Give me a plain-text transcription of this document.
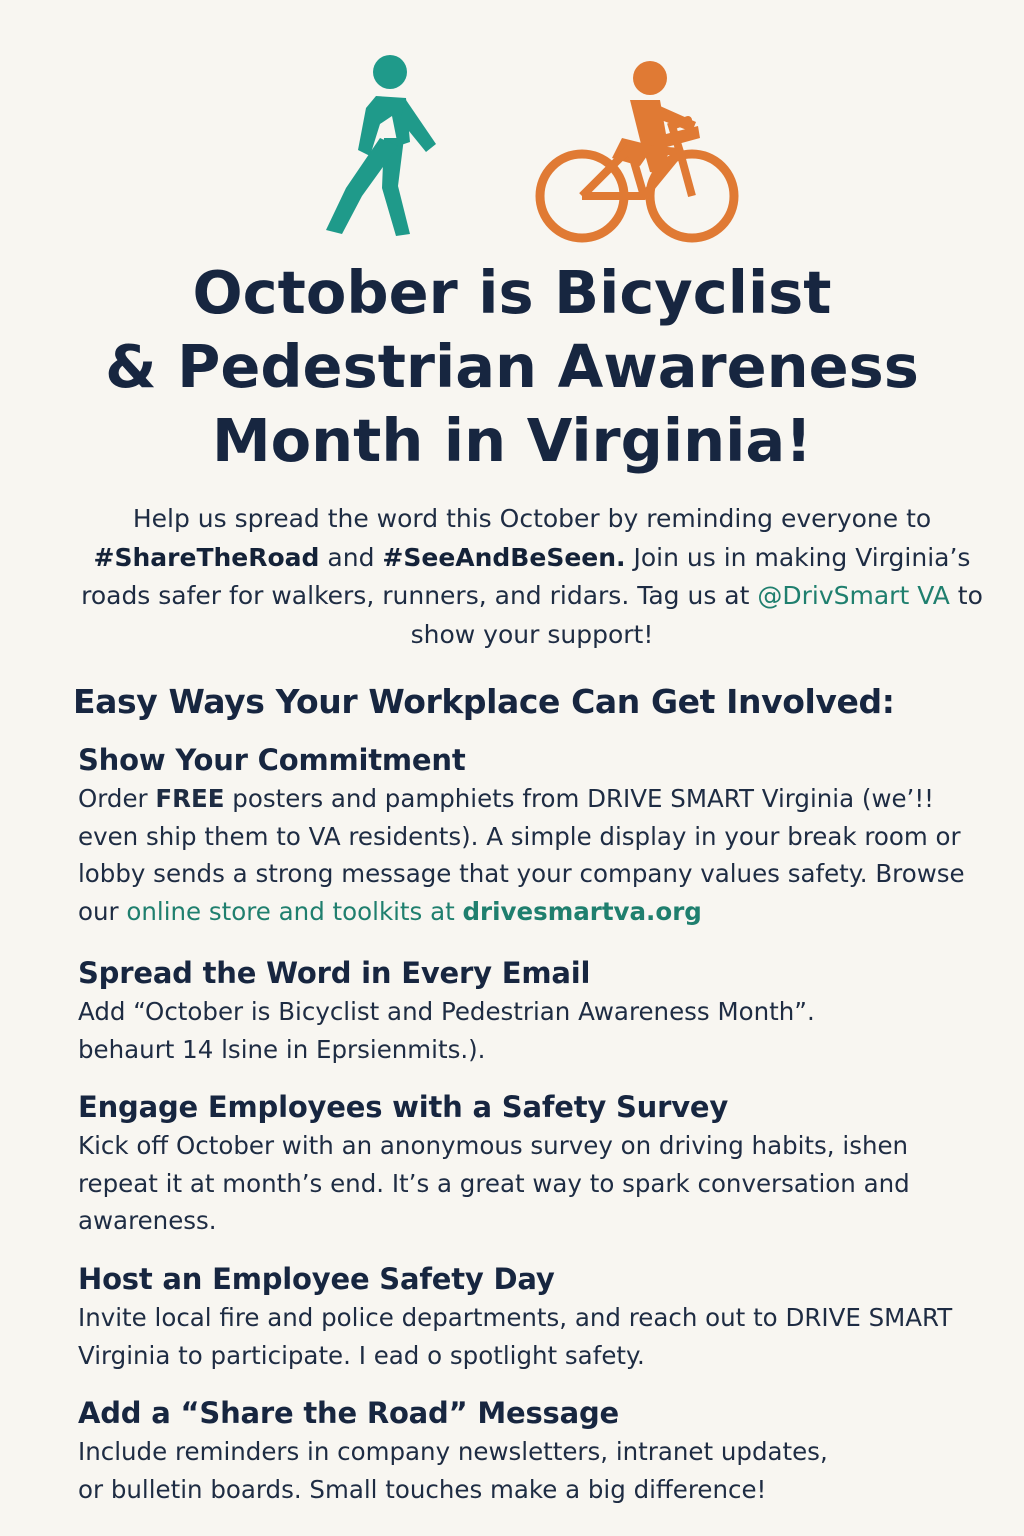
October is Bicyclist
& Pedestrian Awareness
Month in Virginia!
Help us spread the word this October by reminding everyone to
#ShareTheRoad and #SeeAndBeSeen. Join us in making Virginia’s roads safer for walkers, runners, and ridars. Tag us at @DrivSmart VA to show your support!
Easy Ways Your Workplace Can Get Involved:
Show Your Commitment

Order FREE posters and pamphiets from DRIVE SMART Virginia (we’!! even ship them to VA residents). A simple display in your break room or lobby sends a strong message that your company values safety. Browse our online store and toolkits at drivesmartva.org

Spread the Word in Every Email

Add “October is Bicyclist and Pedestrian Awareness Month”.
behaurt 14 lsine in Eprsienmits.).

Engage Employees with a Safety Survey

Kick off October with an anonymous survey on driving habits, ishen repeat it at month’s end. It’s a great way to spark conversation and awareness.

Host an Employee Safety Day

Invite local fire and police departments, and reach out to DRIVE SMART Virginia to participate. I ead o spotlight safety.

Add a “Share the Road” Message

Include reminders in company newsletters, intranet updates,
or bulletin boards. Small touches make a big difference!
